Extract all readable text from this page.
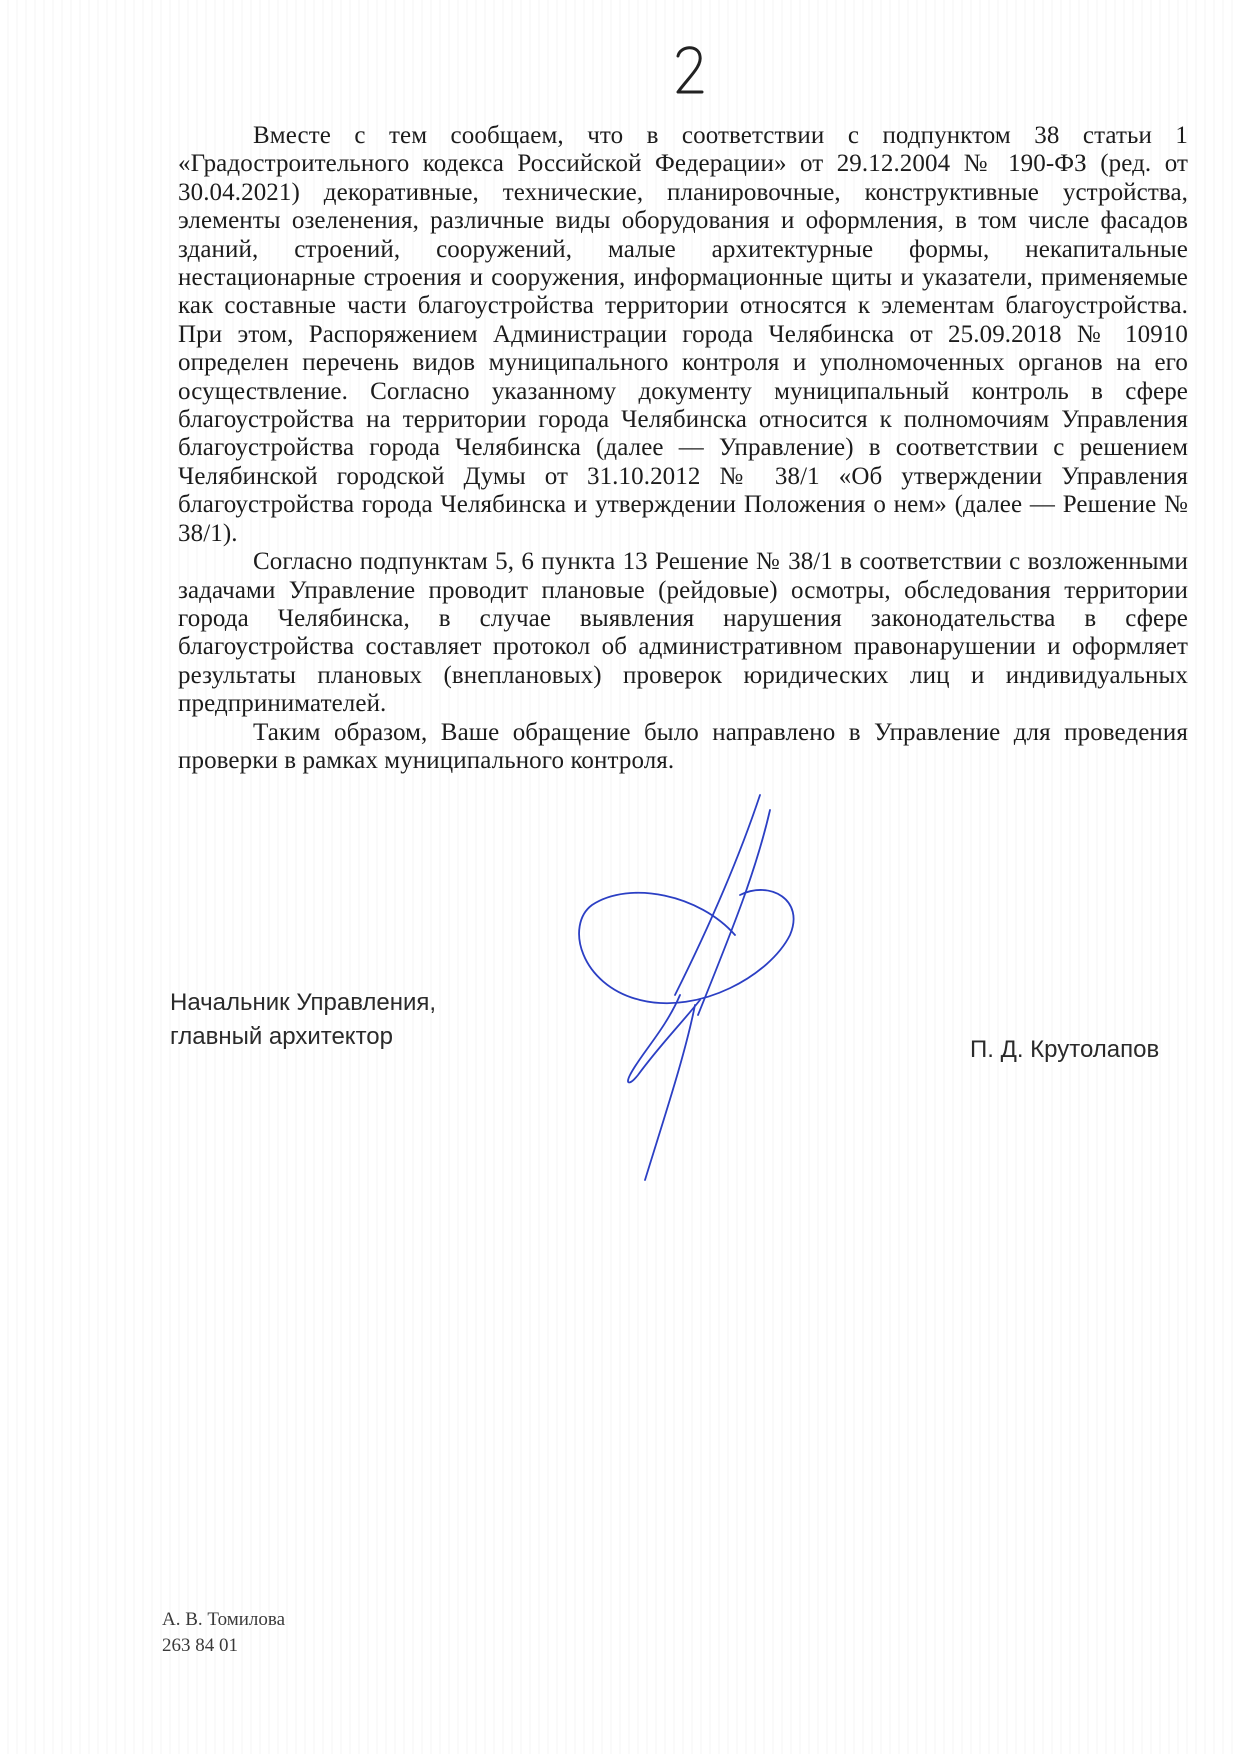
Вместе с тем сообщаем, что в соответствии с подпунктом 38 статьи 1 «Градостроительного кодекса Российской Федерации» от 29.12.2004 № 190-ФЗ (ред. от 30.04.2021) декоративные, технические, планировочные, конструктивные устройства, элементы озеленения, различные виды оборудования и оформления, в том числе фасадов зданий, строений, сооружений, малые архитектурные формы, некапитальные нестационарные строения и сооружения, информационные щиты и указатели, применяемые как составные части благоустройства территории относятся к элементам благоустройства. При этом, Распоряжением Администрации города Челябинска от 25.09.2018 № 10910 определен перечень видов муниципального контроля и уполномоченных органов на его осуществление. Согласно указанному документу муниципальный контроль в сфере благоустройства на территории города Челябинска относится к полномочиям Управления благоустройства города Челябинска (далее — Управление) в соответствии с решением Челябинской городской Думы от 31.10.2012 № 38/1 «Об утверждении Управления благоустройства города Челябинска и утверждении Положения о нем» (далее — Решение № 38/1).

Согласно подпунктам 5, 6 пункта 13 Решение № 38/1 в соответствии с возложенными задачами Управление проводит плановые (рейдовые) осмотры, обследования территории города Челябинска, в случае выявления нарушения законодательства в сфере благоустройства составляет протокол об административном правонарушении и оформляет результаты плановых (внеплановых) проверок юридических лиц и индивидуальных предпринимателей.

Таким образом, Ваше обращение было направлено в Управление для проведения проверки в рамках муниципального контроля.

Начальник Управления,
главный архитектор	П. Д. Крутолапов
А. В. Томилова
263 84 01
